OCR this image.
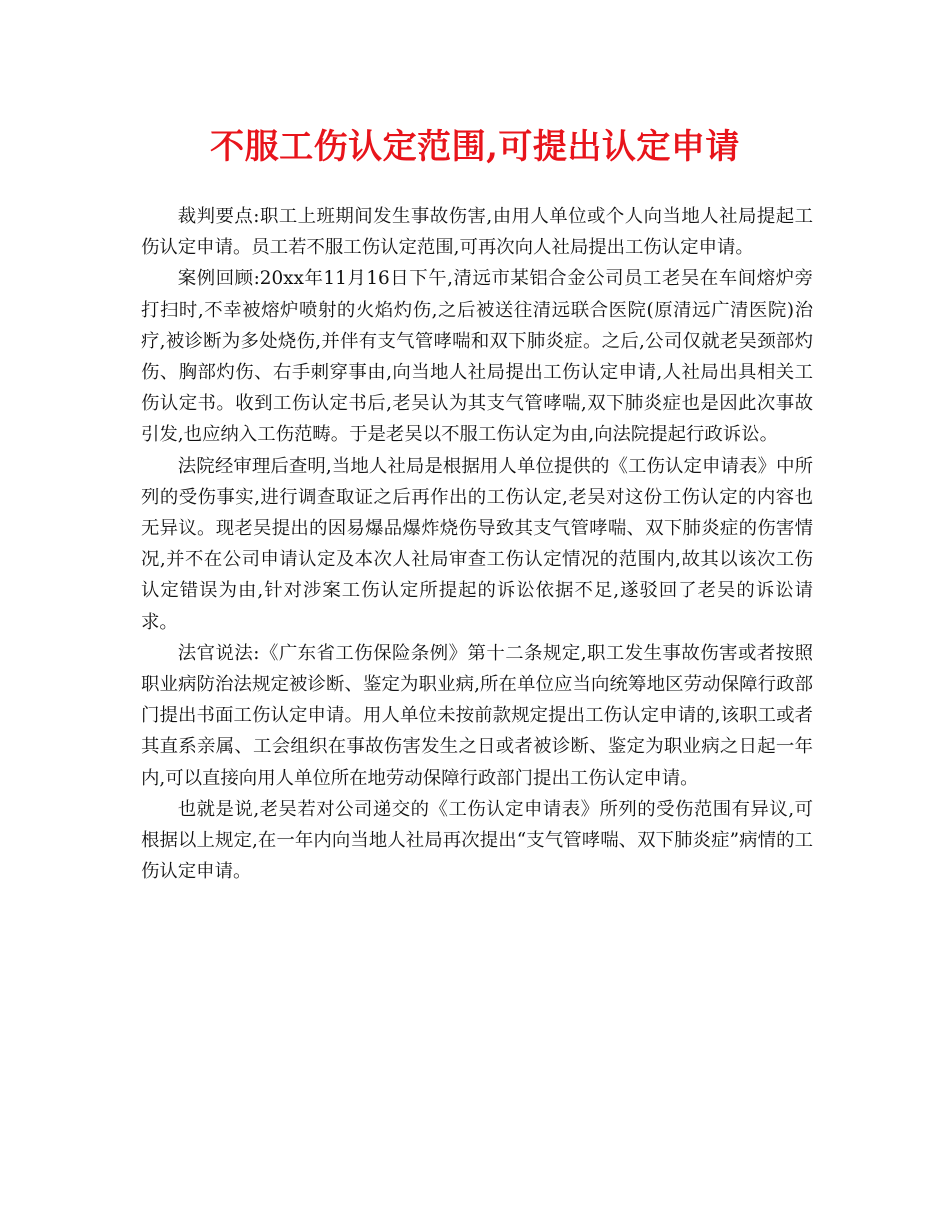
不服工伤认定范围,可提出认定申请

裁判要点:职工上班期间发生事故伤害,由用人单位或个人向当地人社局提起工伤认定申请。员工若不服工伤认定范围,可再次向人社局提出工伤认定申请。

案例回顾:20xx年11月16日下午,清远市某铝合金公司员工老吴在车间熔炉旁打扫时,不幸被熔炉喷射的火焰灼伤,之后被送往清远联合医院(原清远广清医院)治疗,被诊断为多处烧伤,并伴有支气管哮喘和双下肺炎症。之后,公司仅就老吴颈部灼伤、胸部灼伤、右手刺穿事由,向当地人社局提出工伤认定申请,人社局出具相关工伤认定书。收到工伤认定书后,老吴认为其支气管哮喘,双下肺炎症也是因此次事故引发,也应纳入工伤范畴。于是老吴以不服工伤认定为由,向法院提起行政诉讼。

法院经审理后查明,当地人社局是根据用人单位提供的《工伤认定申请表》中所列的受伤事实,进行调查取证之后再作出的工伤认定,老吴对这份工伤认定的内容也无异议。现老吴提出的因易爆品爆炸烧伤导致其支气管哮喘、双下肺炎症的伤害情况,并不在公司申请认定及本次人社局审查工伤认定情况的范围内,故其以该次工伤认定错误为由,针对涉案工伤认定所提起的诉讼依据不足,遂驳回了老吴的诉讼请求。

法官说法:《广东省工伤保险条例》第十二条规定,职工发生事故伤害或者按照职业病防治法规定被诊断、鉴定为职业病,所在单位应当向统筹地区劳动保障行政部门提出书面工伤认定申请。用人单位未按前款规定提出工伤认定申请的,该职工或者其直系亲属、工会组织在事故伤害发生之日或者被诊断、鉴定为职业病之日起一年内,可以直接向用人单位所在地劳动保障行政部门提出工伤认定申请。

也就是说,老吴若对公司递交的《工伤认定申请表》所列的受伤范围有异议,可根据以上规定,在一年内向当地人社局再次提出“支气管哮喘、双下肺炎症”病情的工伤认定申请。
